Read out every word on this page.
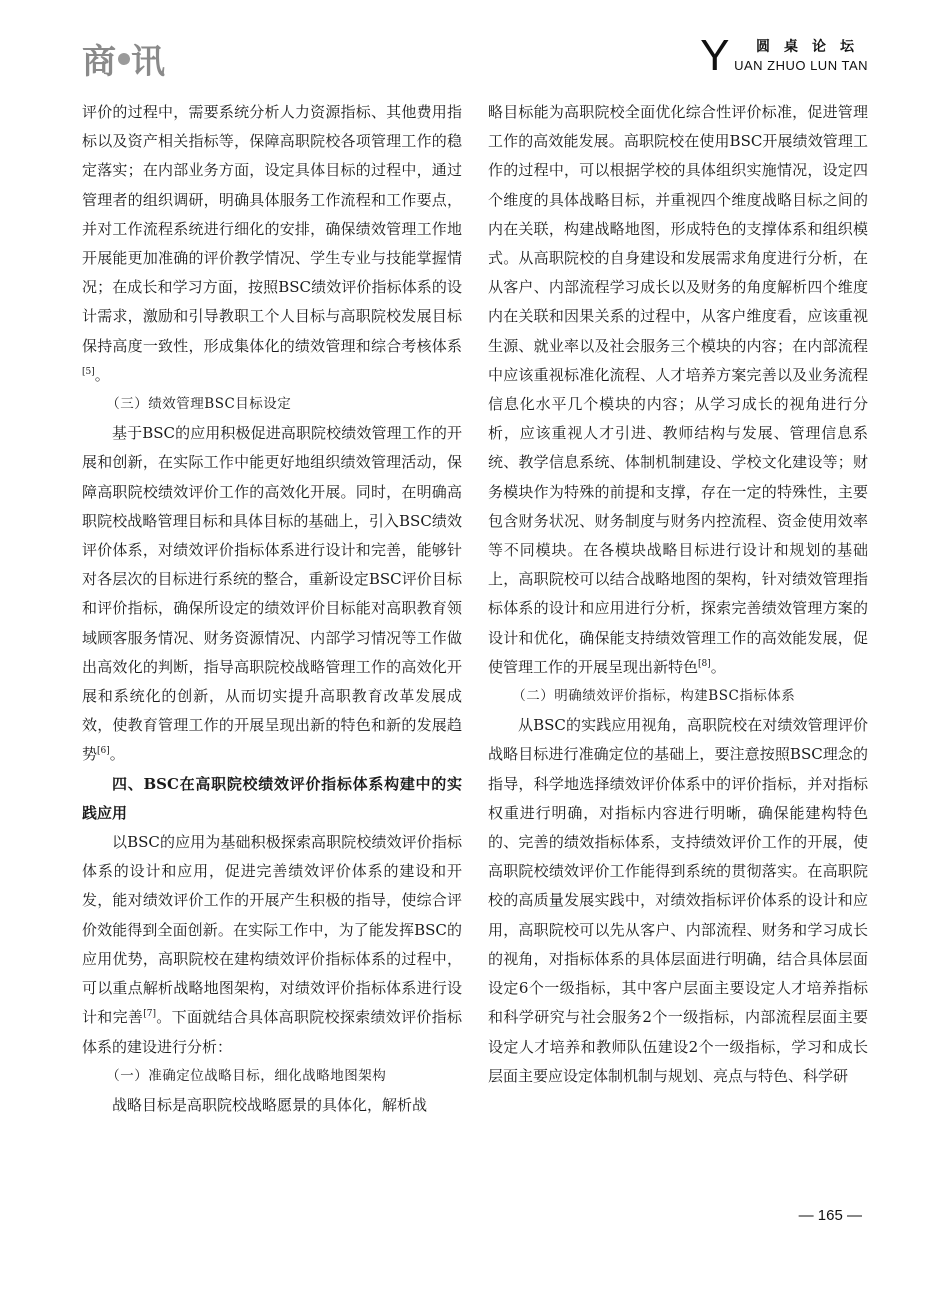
商 讯	Y	圆桌论坛
UAN ZHUO LUN TAN

评价的过程中，需要系统分析人力资源指标、其他费用指标以及资产相关指标等，保障高职院校各项管理工作的稳定落实；在内部业务方面，设定具体目标的过程中，通过管理者的组织调研，明确具体服务工作流程和工作要点，并对工作流程系统进行细化的安排，确保绩效管理工作地开展能更加准确的评价教学情况、学生专业与技能掌握情况；在成长和学习方面，按照BSC绩效评价指标体系的设计需求，激励和引导教职工个人目标与高职院校发展目标保持高度一致性，形成集体化的绩效管理和综合考核体系[5]。

（三）绩效管理BSC目标设定

基于BSC的应用积极促进高职院校绩效管理工作的开展和创新，在实际工作中能更好地组织绩效管理活动，保障高职院校绩效评价工作的高效化开展。同时，在明确高职院校战略管理目标和具体目标的基础上，引入BSC绩效评价体系，对绩效评价指标体系进行设计和完善，能够针对各层次的目标进行系统的整合，重新设定BSC评价目标和评价指标，确保所设定的绩效评价目标能对高职教育领域顾客服务情况、财务资源情况、内部学习情况等工作做出高效化的判断，指导高职院校战略管理工作的高效化开展和系统化的创新，从而切实提升高职教育改革发展成效，使教育管理工作的开展呈现出新的特色和新的发展趋势[6]。

四、BSC在高职院校绩效评价指标体系构建中的实践应用

以BSC的应用为基础积极探索高职院校绩效评价指标体系的设计和应用，促进完善绩效评价体系的建设和开发，能对绩效评价工作的开展产生积极的指导，使综合评价效能得到全面创新。在实际工作中，为了能发挥BSC的应用优势，高职院校在建构绩效评价指标体系的过程中，可以重点解析战略地图架构，对绩效评价指标体系进行设计和完善[7]。下面就结合具体高职院校探索绩效评价指标体系的建设进行分析：

（一）准确定位战略目标，细化战略地图架构

战略目标是高职院校战略愿景的具体化，解析战

略目标能为高职院校全面优化综合性评价标准，促进管理工作的高效能发展。高职院校在使用BSC开展绩效管理工作的过程中，可以根据学校的具体组织实施情况，设定四个维度的具体战略目标，并重视四个维度战略目标之间的内在关联，构建战略地图，形成特色的支撑体系和组织模式。从高职院校的自身建设和发展需求角度进行分析，在从客户、内部流程学习成长以及财务的角度解析四个维度内在关联和因果关系的过程中，从客户维度看，应该重视生源、就业率以及社会服务三个模块的内容；在内部流程中应该重视标准化流程、人才培养方案完善以及业务流程信息化水平几个模块的内容；从学习成长的视角进行分析，应该重视人才引进、教师结构与发展、管理信息系统、教学信息系统、体制机制建设、学校文化建设等；财务模块作为特殊的前提和支撑，存在一定的特殊性，主要包含财务状况、财务制度与财务内控流程、资金使用效率等不同模块。在各模块战略目标进行设计和规划的基础上，高职院校可以结合战略地图的架构，针对绩效管理指标体系的设计和应用进行分析，探索完善绩效管理方案的设计和优化，确保能支持绩效管理工作的高效能发展，促使管理工作的开展呈现出新特色[8]。

（二）明确绩效评价指标，构建BSC指标体系

从BSC的实践应用视角，高职院校在对绩效管理评价战略目标进行准确定位的基础上，要注意按照BSC理念的指导，科学地选择绩效评价体系中的评价指标，并对指标权重进行明确，对指标内容进行明晰，确保能建构特色的、完善的绩效指标体系，支持绩效评价工作的开展，使高职院校绩效评价工作能得到系统的贯彻落实。在高职院校的高质量发展实践中，对绩效指标评价体系的设计和应用，高职院校可以先从客户、内部流程、财务和学习成长的视角，对指标体系的具体层面进行明确，结合具体层面设定6个一级指标，其中客户层面主要设定人才培养指标和科学研究与社会服务2个一级指标，内部流程层面主要设定人才培养和教师队伍建设2个一级指标，学习和成长层面主要应设定体制机制与规划、亮点与特色、科学研

— 165 —
